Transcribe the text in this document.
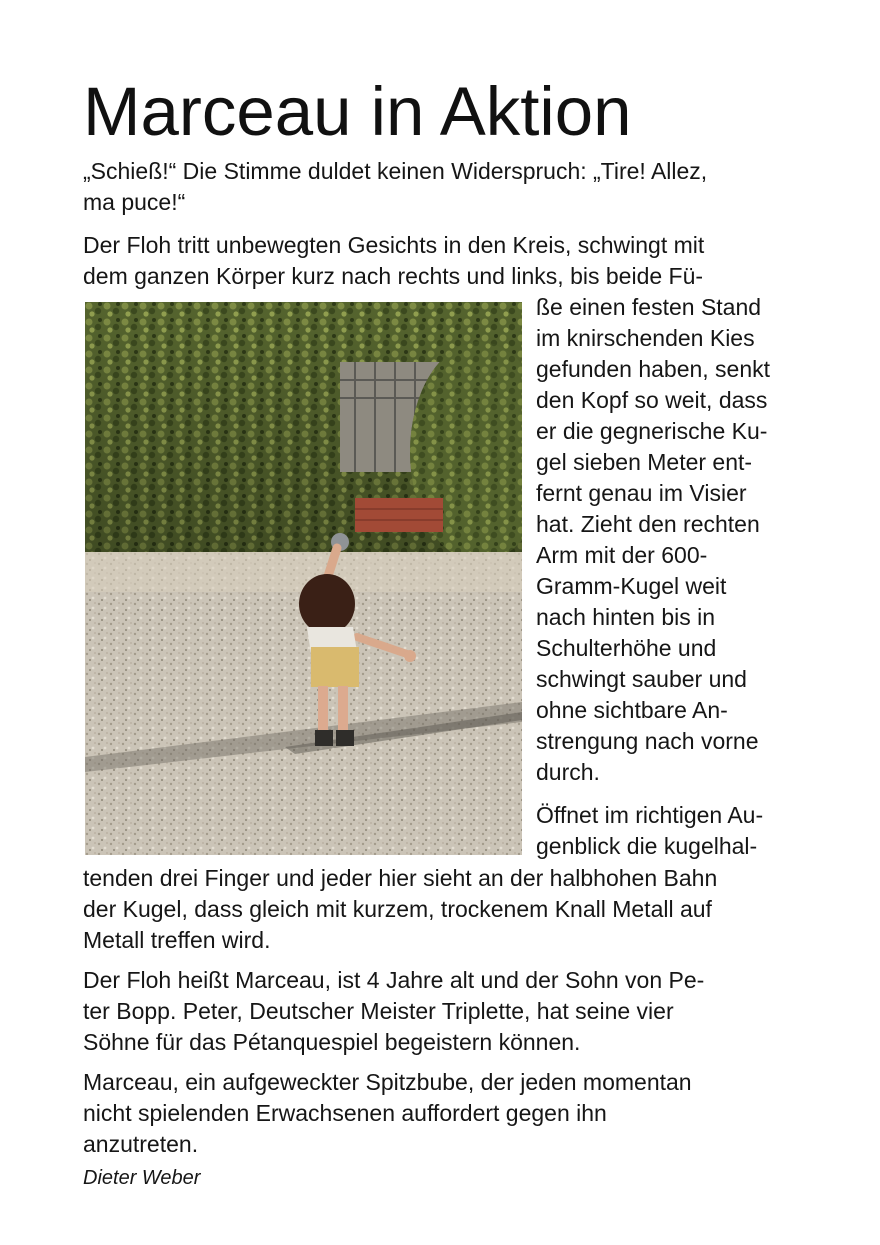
Marceau in Aktion

„Schieß!“ Die Stimme duldet keinen Widerspruch: „Tire! Allez,

ma puce!“

Der Floh tritt unbewegten Gesichts in den Kreis, schwingt mit

dem ganzen Körper kurz nach rechts und links, bis beide Fü-

ße einen festen Stand

im knirschenden Kies

gefunden haben, senkt

den Kopf so weit, dass

er die gegnerische Ku-

gel sieben Meter ent-

fernt genau im Visier

hat. Zieht den rechten

Arm mit der 600-

Gramm-Kugel weit

nach hinten bis in

Schulterhöhe und

schwingt sauber und

ohne sichtbare An-

strengung nach vorne

durch.

Öffnet im richtigen Au-

genblick die kugelhal-

tenden drei Finger und jeder hier sieht an der halbhohen Bahn

der Kugel, dass gleich mit kurzem, trockenem Knall Metall auf

Metall treffen wird.

Der Floh heißt Marceau, ist 4 Jahre alt und der Sohn von Pe-

ter Bopp. Peter, Deutscher Meister Triplette, hat seine vier

Söhne für das Pétanquespiel begeistern können.

Marceau, ein aufgeweckter Spitzbube, der jeden momentan

nicht spielenden Erwachsenen auffordert gegen ihn

anzutreten.

Dieter Weber
